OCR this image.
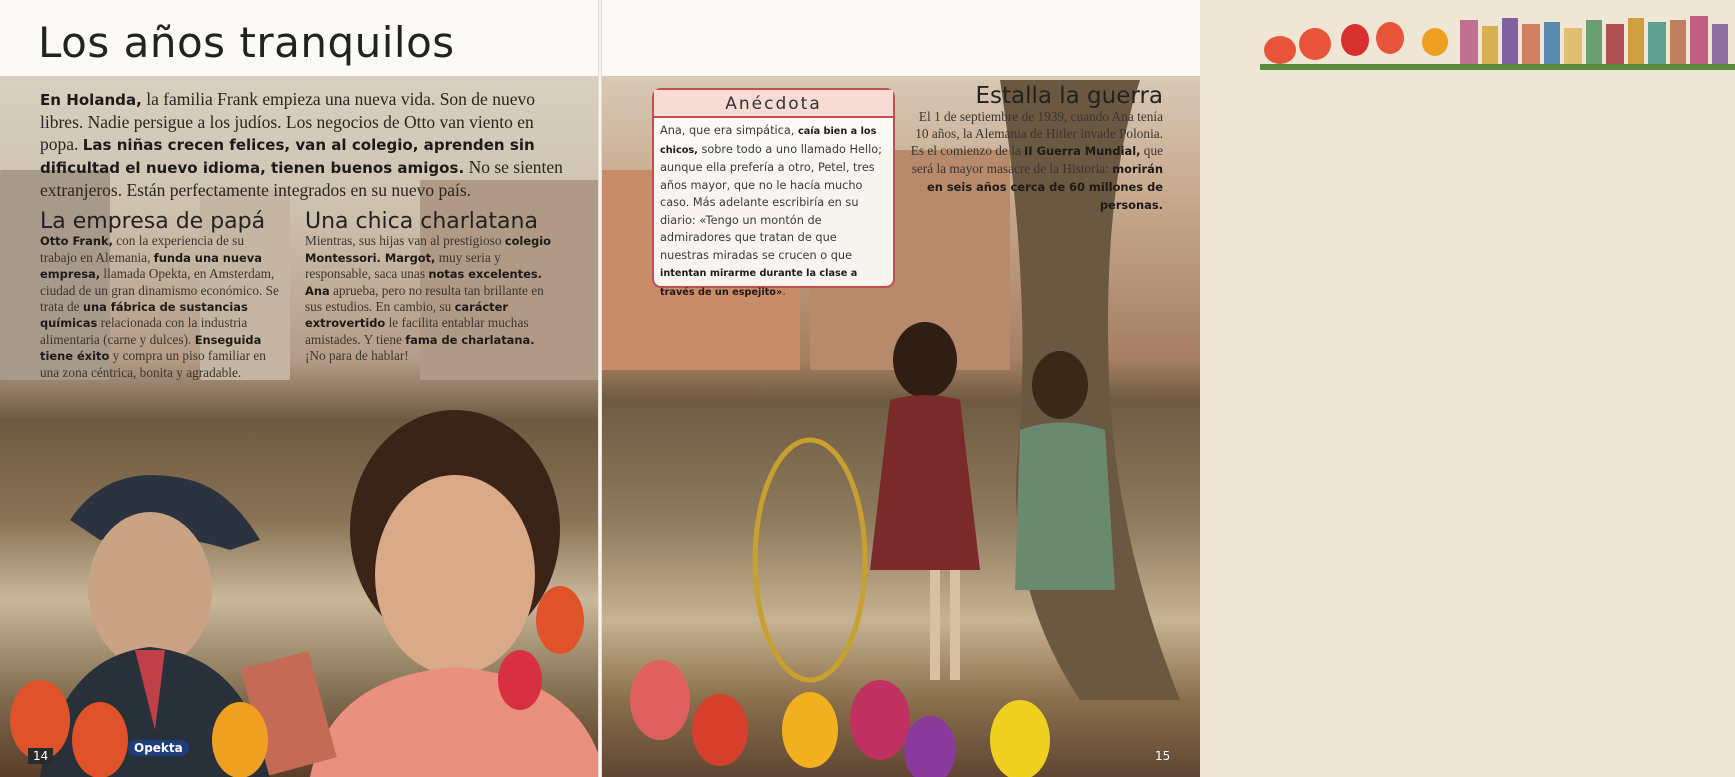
Los años tranquilos
En Holanda, la familia Frank empieza una nueva vida. Son de nuevo libres. Nadie persigue a los judíos. Los negocios de Otto van viento en popa. Las niñas crecen felices, van al colegio, aprenden sin dificultad el nuevo idioma, tienen buenos amigos. No se sienten extranjeros. Están perfectamente integrados en su nuevo país.
La empresa de papá
Otto Frank, con la experiencia de su trabajo en Alemania, funda una nueva empresa, llamada Opekta, en Amsterdam, ciudad de un gran dinamismo económico. Se trata de una fábrica de sustancias químicas relacionada con la industria alimentaria (carne y dulces). Enseguida tiene éxito y compra un piso familiar en una zona céntrica, bonita y agradable.
Una chica charlatana
Mientras, sus hijas van al prestigioso colegio Montessori. Margot, muy seria y responsable, saca unas notas excelentes. Ana aprueba, pero no resulta tan brillante en sus estudios. En cambio, su carácter extrovertido le facilita entablar muchas amistades. Y tiene fama de charlatana. ¡No para de hablar!
Opekta
14
Anécdota
Ana, que era simpática, caía bien a los chicos, sobre todo a uno llamado Hello; aunque ella prefería a otro, Petel, tres años mayor, que no le hacía mucho caso. Más adelante escribiría en su diario: «Tengo un montón de admiradores que tratan de que nuestras miradas se crucen o que intentan mirarme durante la clase a través de un espejito».
Estalla la guerra
El 1 de septiembre de 1939, cuando Ana tenía 10 años, la Alemania de Hitler invade Polonia. Es el comienzo de la II Guerra Mundial, que será la mayor masacre de la Historia: morirán en seis años cerca de 60 millones de personas.
15
